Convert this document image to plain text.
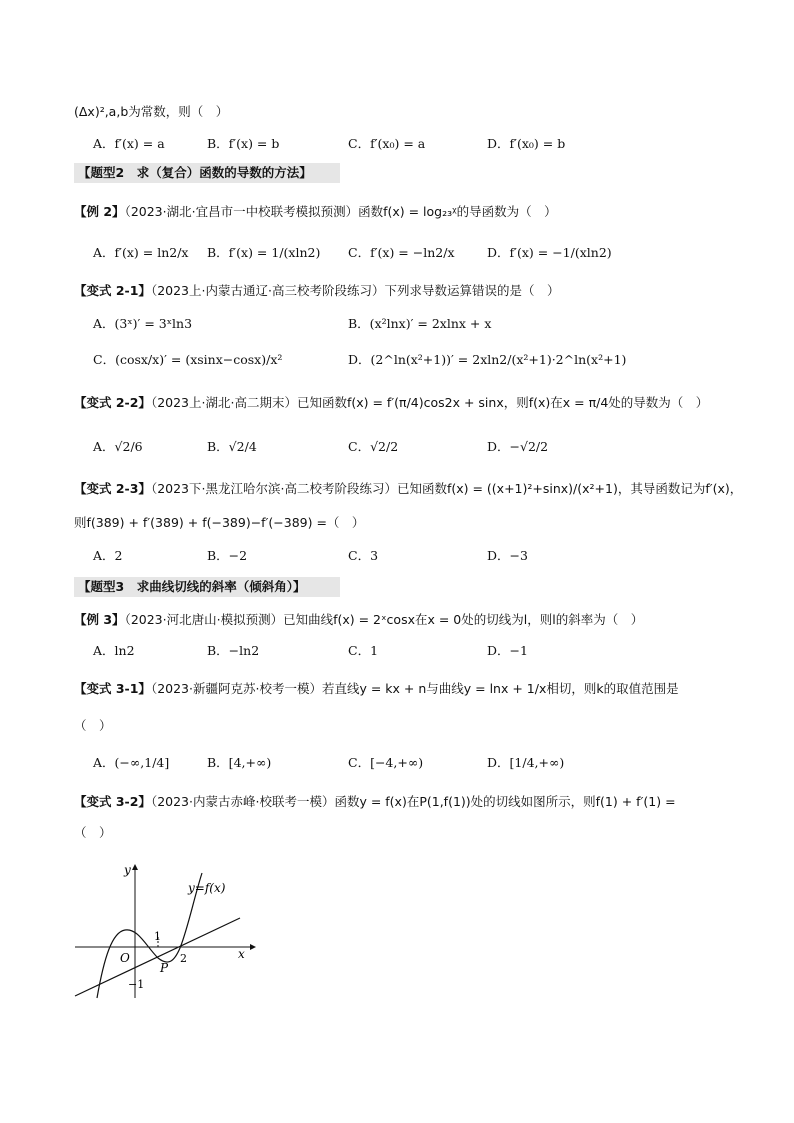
(Δx)²,a,b为常数，则（　）
A．f′(x) = a	B．f′(x) = b	C．f′(x₀) = a	D．f′(x₀) = b
【题型2　求（复合）函数的导数的方法】
【例 2】（2023·湖北·宜昌市一中校联考模拟预测）函数f(x) = log₂₃ᵡ的导函数为（　）
A．f′(x) = ln2/x B．f′(x) = 1/(xln2) C．f′(x) = −ln2/x	D．f′(x) = −1/(xln2)
【变式 2-1】（2023上·内蒙古通辽·高三校考阶段练习）下列求导数运算错误的是（　）
A．(3ˣ)′ = 3ˣln3	B．(x²lnx)′ = 2xlnx + x
C．(cosx/x)′ = (xsinx−cosx)/x²	D．(2^ln(x²+1))′ = 2xln2/(x²+1)·2^ln(x²+1)
【变式 2-2】（2023上·湖北·高二期末）已知函数f(x) = f′(π/4)cos2x + sinx，则f(x)在x = π/4处的导数为（　）
A．√2/6	B．√2/4	C．√2/2	D．−√2/2
【变式 2-3】（2023下·黑龙江哈尔滨·高二校考阶段练习）已知函数f(x) = ((x+1)²+sinx)/(x²+1)，其导函数记为f′(x)，
则f(389) + f′(389) + f(−389)−f′(−389) =（　）
A．2	B．−2	C．3	D．−3
【题型3　求曲线切线的斜率（倾斜角）】
【例 3】（2023·河北唐山·模拟预测）已知曲线f(x) = 2ˣcosx在x = 0处的切线为l，则l的斜率为（　）
A．ln2	B．−ln2	C．1	D．−1
【变式 3-1】（2023·新疆阿克苏·校考一模）若直线y = kx + n与曲线y = lnx + 1/x相切，则k的取值范围是
（　）
A．(−∞,1/4]	B．[4,+∞)	C．[−4,+∞)	D．[1/4,+∞)
【变式 3-2】（2023·内蒙古赤峰·校联考一模）函数y = f(x)在P(1,f(1))处的切线如图所示，则f(1) + f′(1) =
（　）
y=f(x)
y
x
O
P
1
2
−1
